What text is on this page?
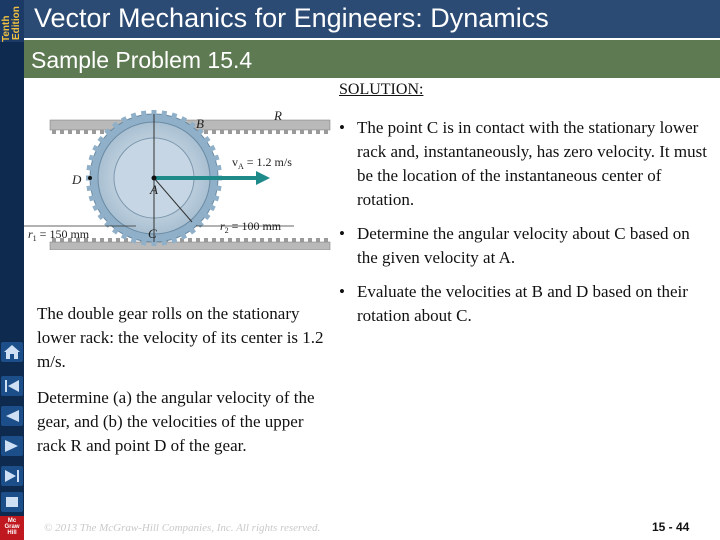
Tenth Edition
Mc
Graw
Hill
Vector Mechanics for Engineers: Dynamics
Sample Problem 15.4
R
B
D
A
C
$v_A = 1.2$ m/s
$r_1 = 150$ mm
$r_2 = 100$ mm
The double gear rolls on the stationary lower rack: the velocity of its center is 1.2 m/s.
Determine (a) the angular velocity of the gear, and (b) the velocities of the upper rack R and point D of the gear.
SOLUTION:
• The point C is in contact with the stationary lower rack and, instantaneously, has zero velocity. It must be the location of the instantaneous center of rotation.
• Determine the angular velocity about C based on the given velocity at A.
• Evaluate the velocities at B and D based on their rotation about C.
© 2013 The McGraw-Hill Companies, Inc. All rights reserved.	15 - 44
